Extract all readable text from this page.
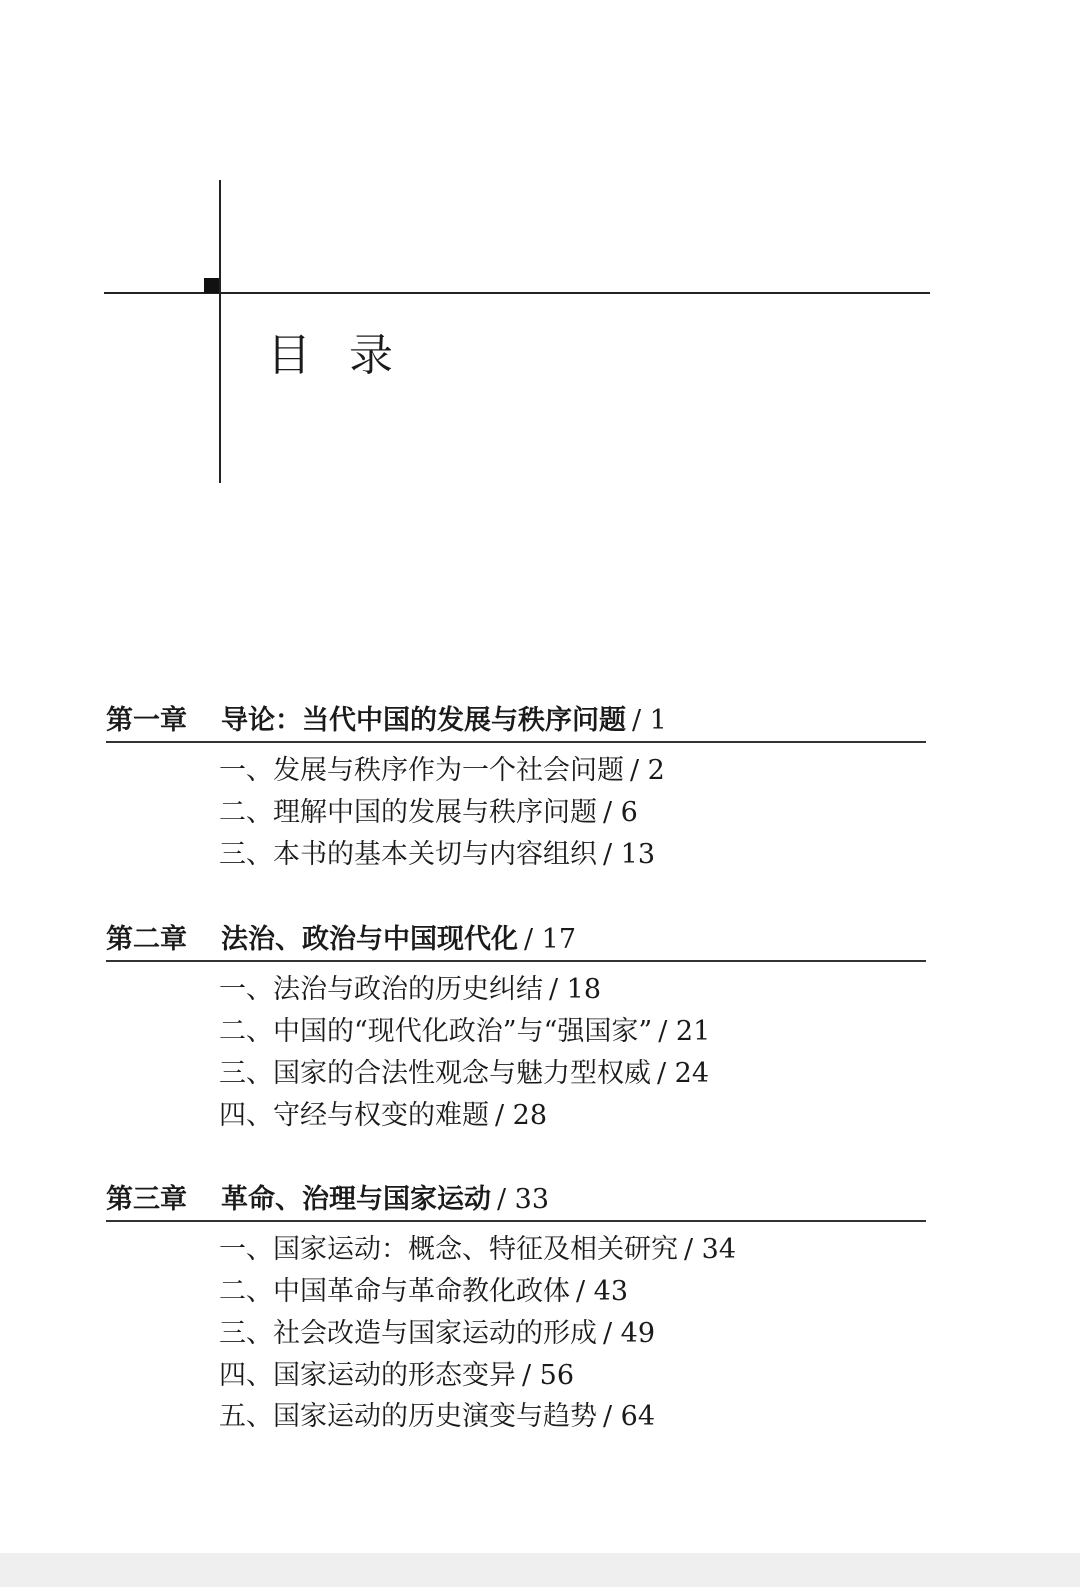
目录
第一章 导论：当代中国的发展与秩序问题 / 1
一、发展与秩序作为一个社会问题 / 2
二、理解中国的发展与秩序问题 / 6
三、本书的基本关切与内容组织 / 13
第二章 法治、政治与中国现代化 / 17
一、法治与政治的历史纠结 / 18
二、中国的“现代化政治”与“强国家” / 21
三、国家的合法性观念与魅力型权威 / 24
四、守经与权变的难题 / 28
第三章 革命、治理与国家运动 / 33
一、国家运动：概念、特征及相关研究 / 34
二、中国革命与革命教化政体 / 43
三、社会改造与国家运动的形成 / 49
四、国家运动的形态变异 / 56
五、国家运动的历史演变与趋势 / 64
